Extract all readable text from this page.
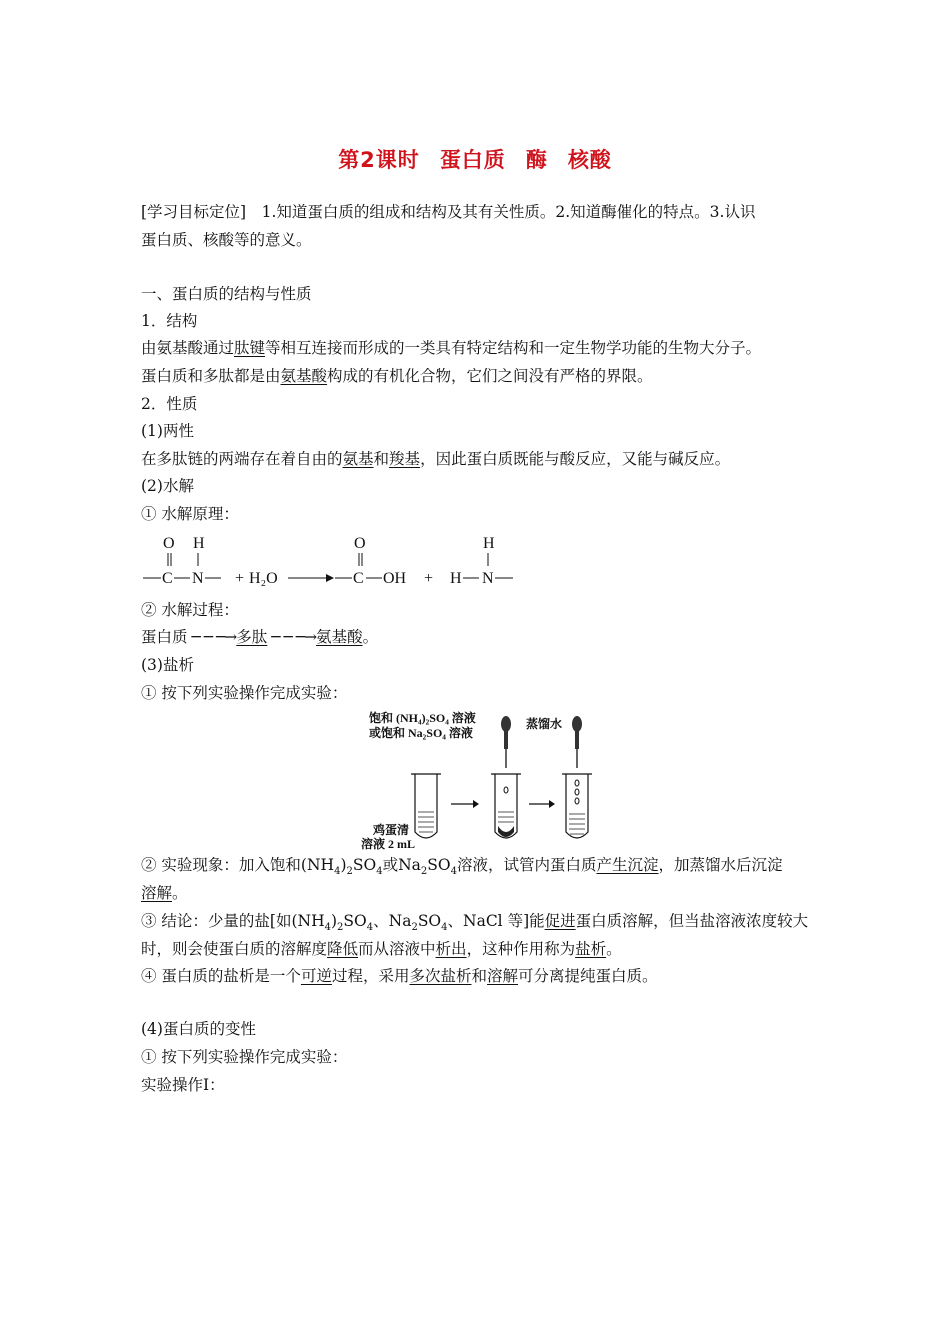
第2课时 蛋白质 酶 核酸
[学习目标定位]　1.知道蛋白质的组成和结构及其有关性质。2.知道酶催化的特点。3.认识
蛋白质、核酸等的意义。
一、蛋白质的结构与性质
1．结构
由氨基酸通过肽键等相互连接而形成的一类具有特定结构和一定生物学功能的生物大分子。
蛋白质和多肽都是由氨基酸构成的有机化合物，它们之间没有严格的界限。
2．性质
(1)两性
在多肽链的两端存在着自由的氨基和羧基，因此蛋白质既能与酸反应，又能与碱反应。
(2)水解
① 水解原理：
O H
C N + H₂O
O
C OH +
H
H N
② 水解过程：
蛋白质 ─ ─ ─→多肽 ─ ─ ─→氨基酸。
(3)盐析
① 按下列实验操作完成实验：
饱和 (NH₄)₂SO₄ 溶液
或饱和 Na₂SO₄ 溶液
蒸馏水
鸡蛋清
溶液 2 mL
② 实验现象：加入饱和$(NH_4)_2SO_4$或$Na_2SO_4$溶液，试管内蛋白质产生沉淀，加蒸馏水后沉淀
溶解。
③ 结论：少量的盐[如$(NH_4)_2SO_4$、$Na_2SO_4$、NaCl 等]能促进蛋白质溶解，但当盐溶液浓度较大
时，则会使蛋白质的溶解度降低而从溶液中析出，这种作用称为盐析。
④ 蛋白质的盐析是一个可逆过程，采用多次盐析和溶解可分离提纯蛋白质。
(4)蛋白质的变性
① 按下列实验操作完成实验：
实验操作Ⅰ：
